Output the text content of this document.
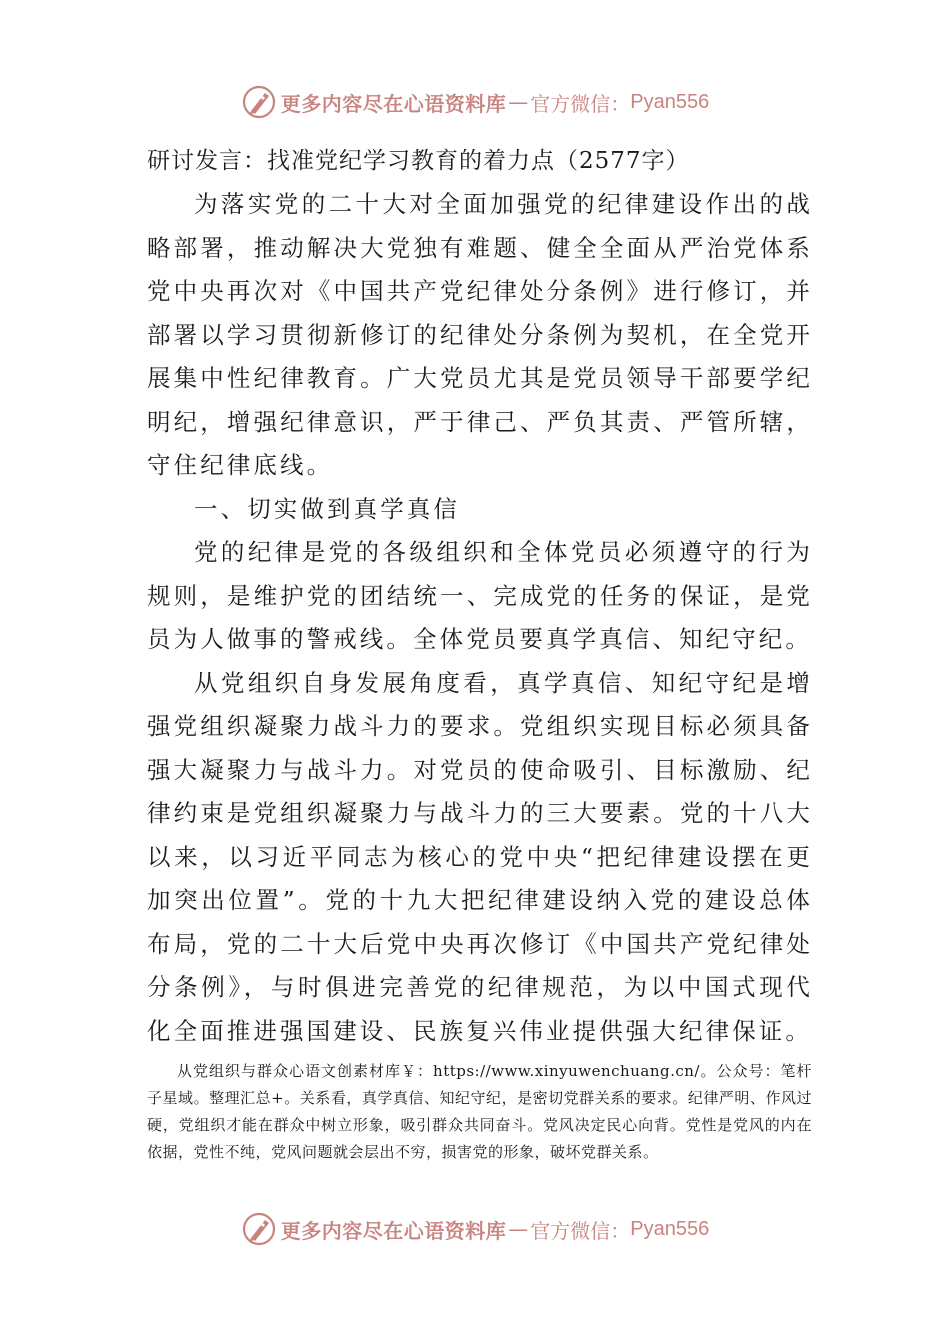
更多内容尽在心语资料库 — 官方微信： Pyan556
研讨发言：找准党纪学习教育的着力点（2577字）

为落实党的二十大对全面加强党的纪律建设作出的战略部署，推动解决大党独有难题、健全全面从严治党体系党中央再次对《中国共产党纪律处分条例》进行修订，并部署以学习贯彻新修订的纪律处分条例为契机，在全党开展集中性纪律教育。广大党员尤其是党员领导干部要学纪明纪，增强纪律意识，严于律己、严负其责、严管所辖，守住纪律底线。

一、切实做到真学真信

党的纪律是党的各级组织和全体党员必须遵守的行为规则，是维护党的团结统一、完成党的任务的保证，是党员为人做事的警戒线。全体党员要真学真信、知纪守纪。

从党组织自身发展角度看，真学真信、知纪守纪是增强党组织凝聚力战斗力的要求。党组织实现目标必须具备强大凝聚力与战斗力。对党员的使命吸引、目标激励、纪律约束是党组织凝聚力与战斗力的三大要素。党的十八大以来，以习近平同志为核心的党中央“把纪律建设摆在更加突出位置”。党的十九大把纪律建设纳入党的建设总体布局，党的二十大后党中央再次修订《中国共产党纪律处分条例》，与时俱进完善党的纪律规范，为以中国式现代化全面推进强国建设、民族复兴伟业提供强大纪律保证。

从党组织与群众心语文创素材库￥：https://www.xinyuwenchuang.cn/。公众号：笔杆子星域。整理汇总+。关系看，真学真信、知纪守纪，是密切党群关系的要求。纪律严明、作风过硬，党组织才能在群众中树立形象，吸引群众共同奋斗。党风决定民心向背。党性是党风的内在依据，党性不纯，党风问题就会层出不穷，损害党的形象，破坏党群关系。
更多内容尽在心语资料库 — 官方微信： Pyan556
